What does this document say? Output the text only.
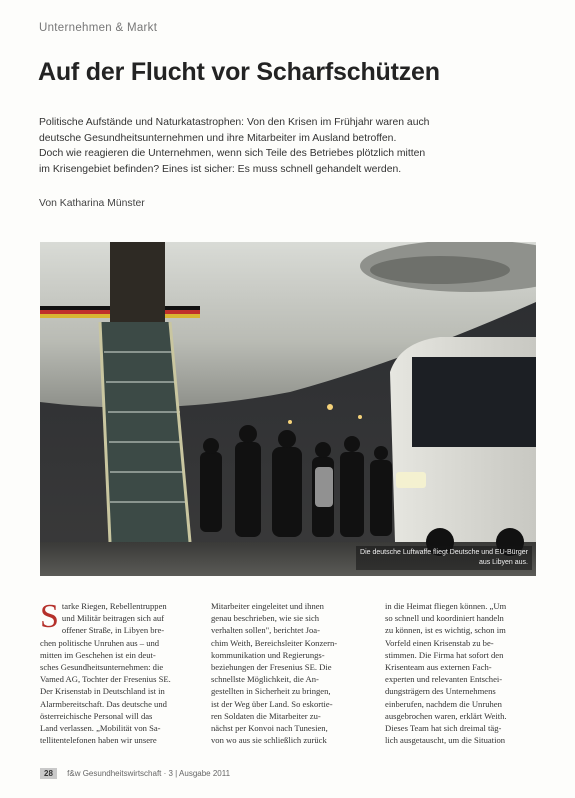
Unternehmen & Markt
Auf der Flucht vor Scharfschützen
Politische Aufstände und Naturkatastrophen: Von den Krisen im Frühjahr waren auch
deutsche Gesundheitsunternehmen und ihre Mitarbeiter im Ausland betroffen.
Doch wie reagieren die Unternehmen, wenn sich Teile des Betriebes plötzlich mitten
im Krisengebiet befinden? Eines ist sicher: Es muss schnell gehandelt werden.
Von Katharina Münster
Die deutsche Luftwaffe fliegt Deutsche und EU-Bürger aus Libyen aus.
S tarke Riegen, Rebellentruppen
und Militär beitragen sich auf
offener Straße, in Libyen bre-
chen politische Unruhen aus – und
mitten im Geschehen ist ein deut-
sches Gesundheitsunternehmen: die
Vamed AG, Tochter der Fresenius SE.
Der Krisenstab in Deutschland ist in
Alarmbereitschaft. Das deutsche und
österreichische Personal will das
Land verlassen. „Mobilität von Sa-
tellitentelefonen haben wir unsere
Mitarbeiter eingeleitet und ihnen
genau beschrieben, wie sie sich
verhalten sollen", berichtet Joa-
chim Weith, Bereichsleiter Konzern-
kommunikation und Regierungs-
beziehungen der Fresenius SE. Die
schnellste Möglichkeit, die An-
gestellten in Sicherheit zu bringen,
ist der Weg über Land. So eskortie-
ren Soldaten die Mitarbeiter zu-
nächst per Konvoi nach Tunesien,
von wo aus sie schließlich zurück
in die Heimat fliegen können. „Um
so schnell und koordiniert handeln
zu können, ist es wichtig, schon im
Vorfeld einen Krisenstab zu be-
stimmen. Die Firma hat sofort den
Krisenteam aus externen Fach-
experten und relevanten Entschei-
dungsträgern des Unternehmens
einberufen, nachdem die Unruhen
ausgebrochen waren, erklärt Weith.
Dieses Team hat sich dreimal täg-
lich ausgetauscht, um die Situation
28 f&w Gesundheitswirtschaft · 3 | Ausgabe 2011
